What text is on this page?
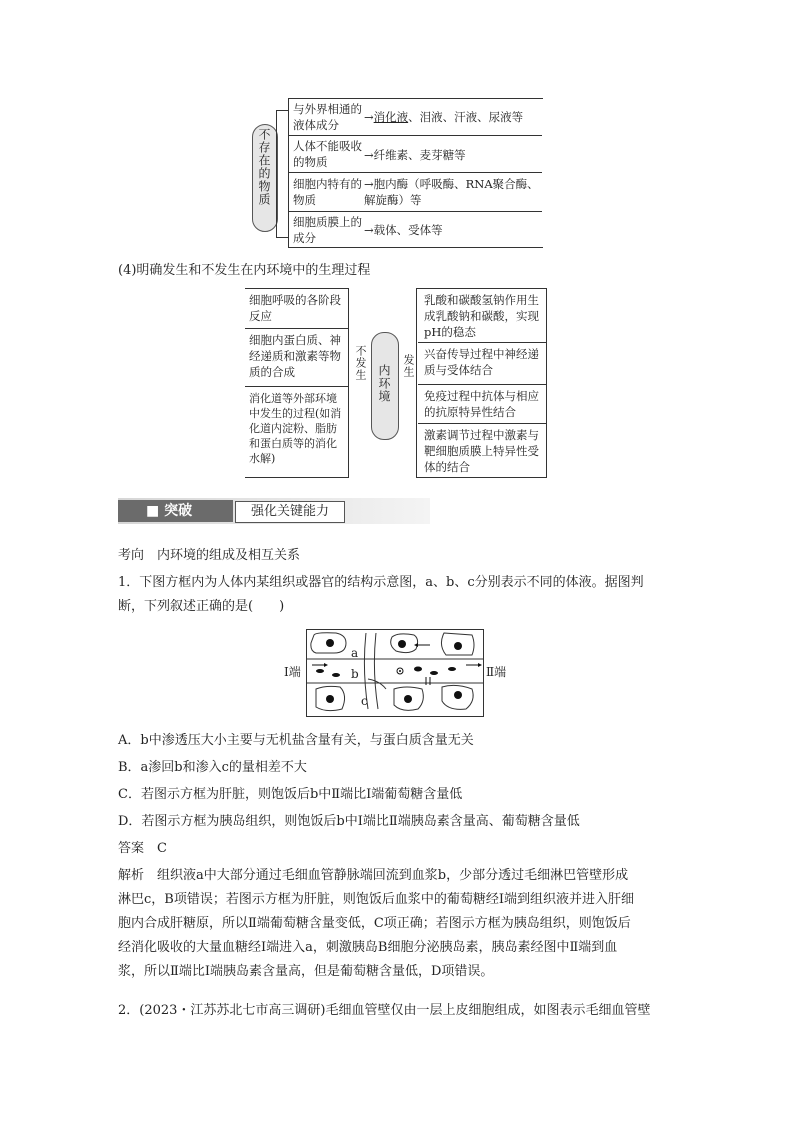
不存在的物质
与外界相通的液体成分
→消化液、泪液、汗液、尿液等
人体不能吸收的物质	→纤维素、麦芽糖等
细胞内特有的物质
→胞内酶（呼吸酶、RNA聚合酶、解旋酶）等
细胞质膜上的成分
→载体、受体等
(4)明确发生和不发生在内环境中的生理过程
细胞呼吸的各阶段反应
细胞内蛋白质、神经递质和激素等物质的合成
消化道等外部环境中发生的过程(如消化道内淀粉、脂肪和蛋白质等的消化水解)
不发生
内环境 发生
乳酸和碳酸氢钠作用生成乳酸钠和碳酸，实现pH的稳态
兴奋传导过程中神经递质与受体结合
免疫过程中抗体与相应的抗原特异性结合
激素调节过程中激素与靶细胞质膜上特异性受体的结合
■ 突破	强化关键能力
考向　内环境的组成及相互关系
1．下图方框内为人体内某组织或器官的结构示意图，a、b、c分别表示不同的体液。据图判
断，下列叙述正确的是(　　)
Ⅰ端	Ⅱ端
a
b
c
A．b中渗透压大小主要与无机盐含量有关，与蛋白质含量无关
B．a渗回b和渗入c的量相差不大
C．若图示方框为肝脏，则饱饭后b中Ⅱ端比Ⅰ端葡萄糖含量低
D．若图示方框为胰岛组织，则饱饭后b中Ⅰ端比Ⅱ端胰岛素含量高、葡萄糖含量低
答案　C
解析　组织液a中大部分通过毛细血管静脉端回流到血浆b，少部分透过毛细淋巴管壁形成
淋巴c，B项错误；若图示方框为肝脏，则饱饭后血浆中的葡萄糖经Ⅰ端到组织液并进入肝细
胞内合成肝糖原，所以Ⅱ端葡萄糖含量变低，C项正确；若图示方框为胰岛组织，则饱饭后
经消化吸收的大量血糖经Ⅰ端进入a，刺激胰岛B细胞分泌胰岛素，胰岛素经图中Ⅱ端到血
浆，所以Ⅱ端比Ⅰ端胰岛素含量高，但是葡萄糖含量低，D项错误。
2．(2023・江苏苏北七市高三调研)毛细血管壁仅由一层上皮细胞组成，如图表示毛细血管壁
